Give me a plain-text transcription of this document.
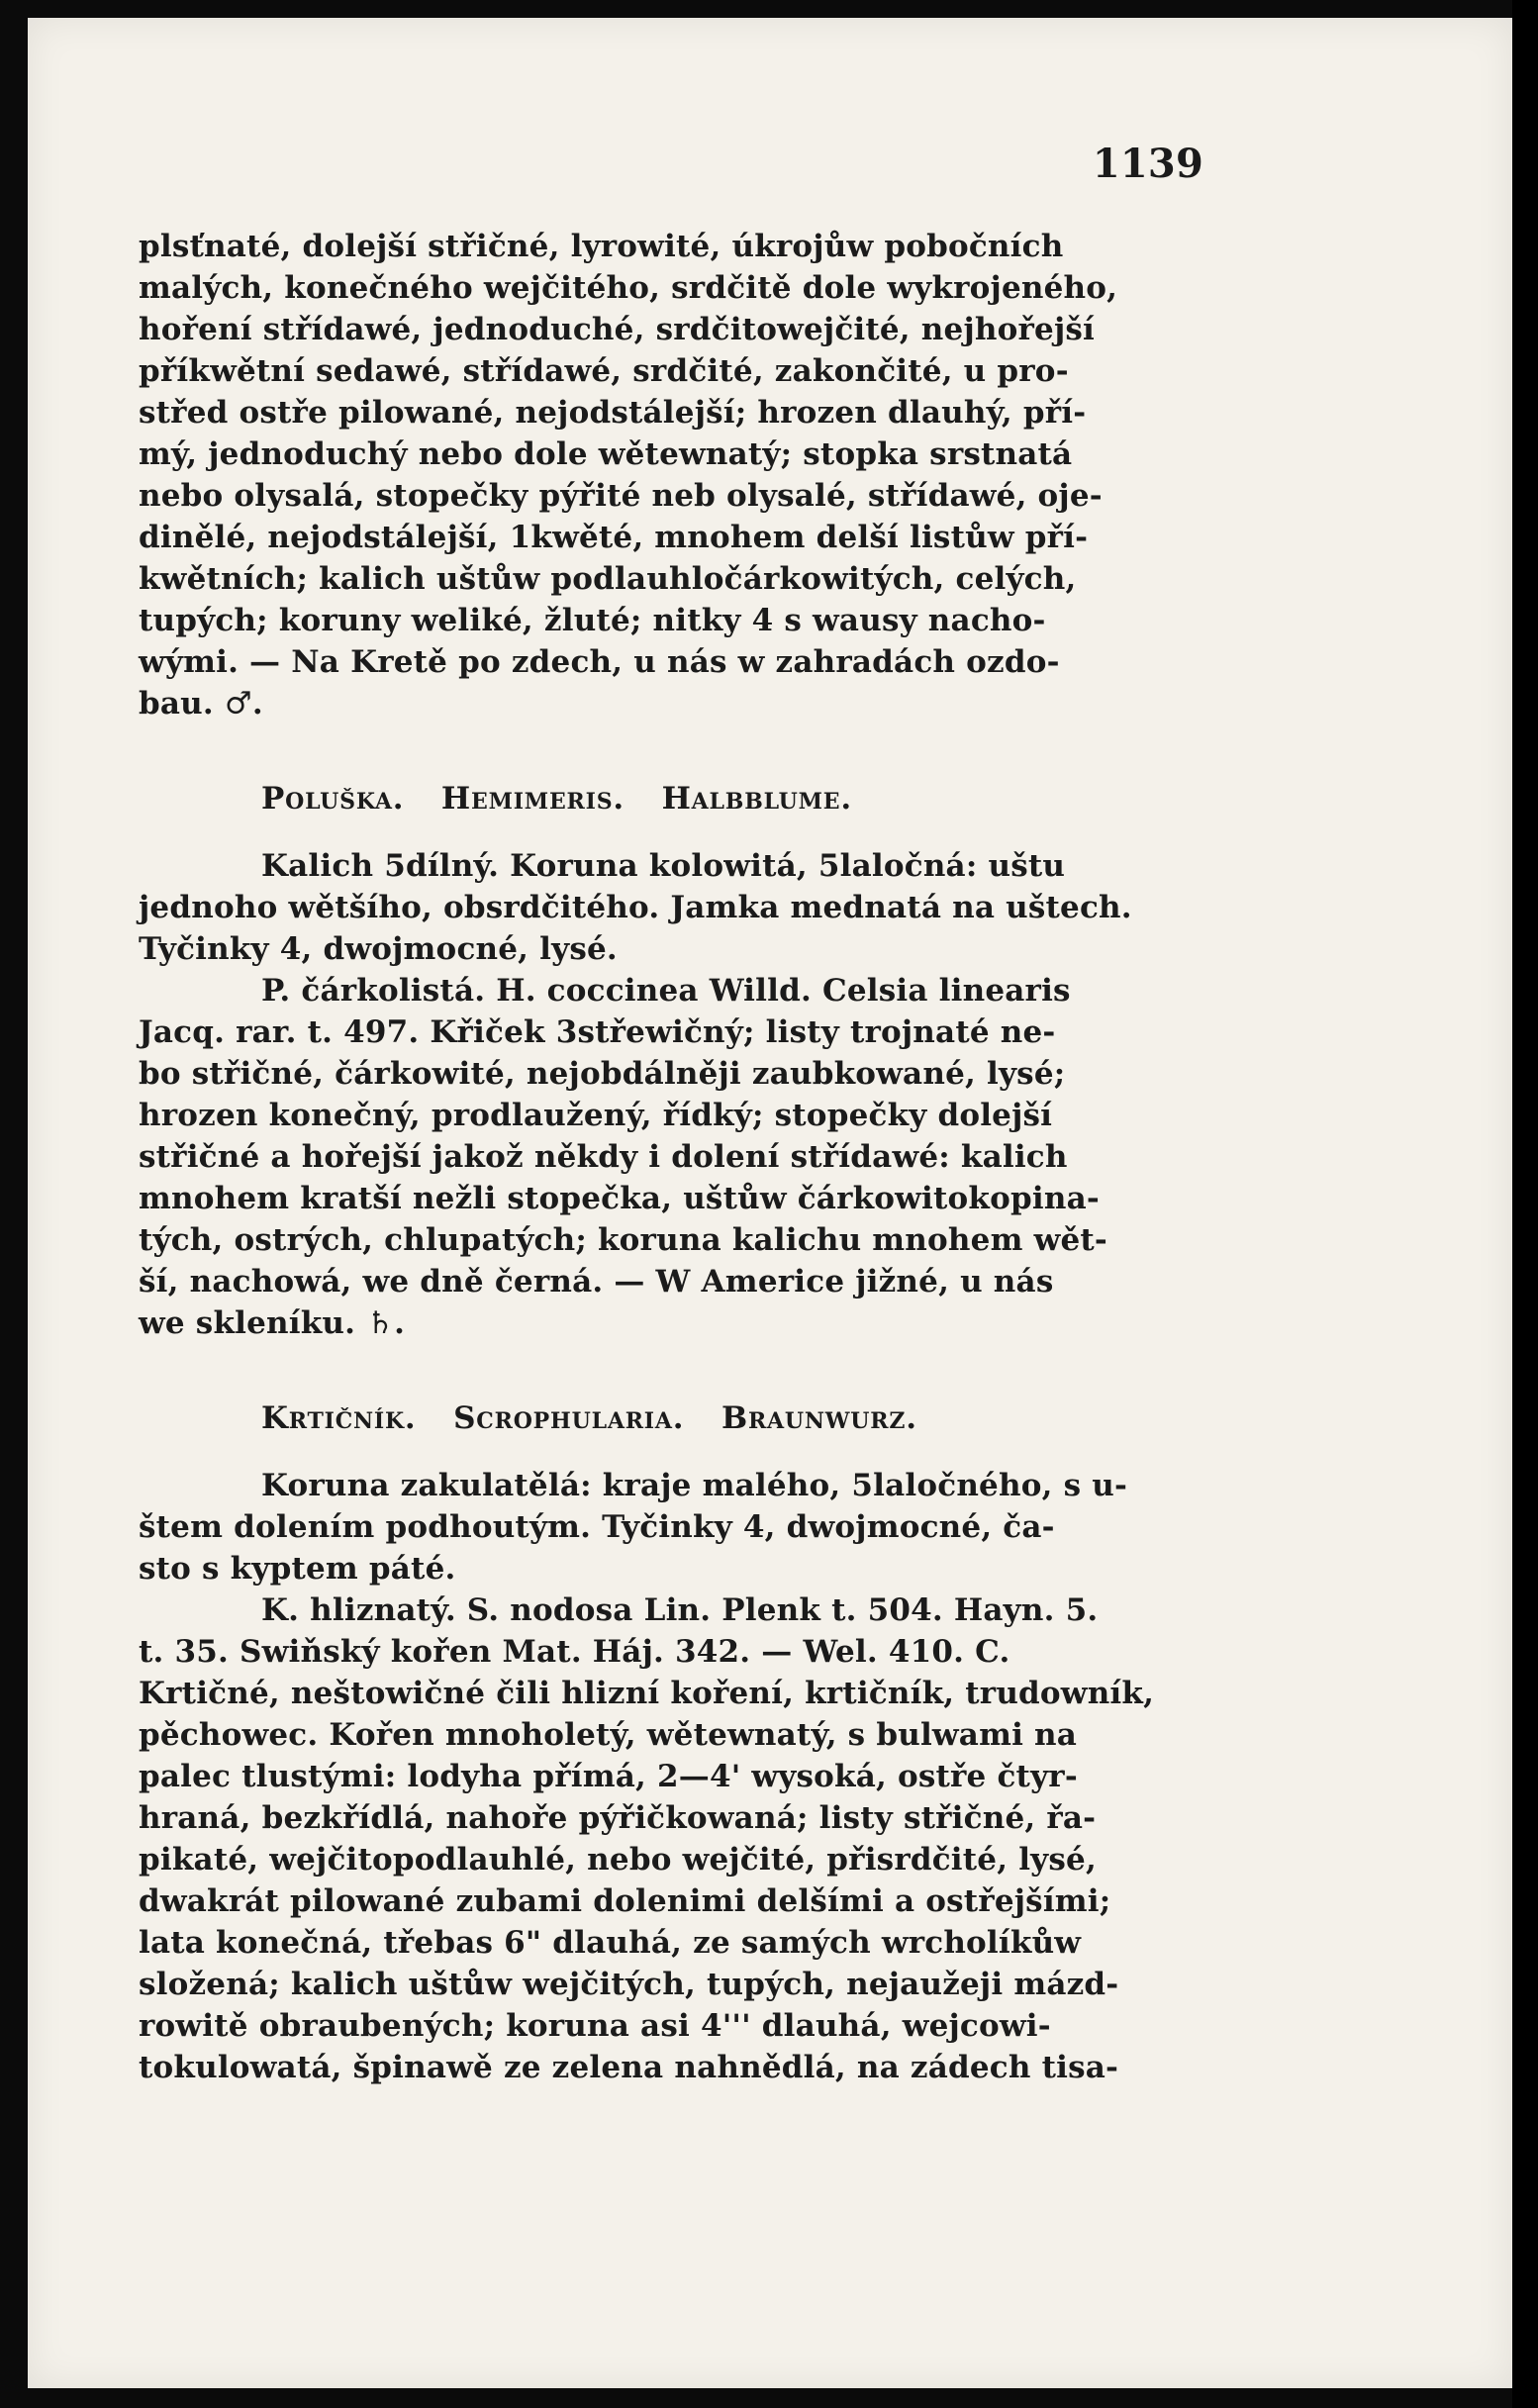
1139
plsťnaté, dolejší střičné, lyrowité, úkrojůw pobočních
malých, konečného wejčitého, srdčitě dole wykrojeného,
hoření střídawé, jednoduché, srdčitowejčité, nejhořejší
příkwětní sedawé, střídawé, srdčité, zakončité, u pro-
střed ostře pilowané, nejodstálejší; hrozen dlauhý, pří-
mý, jednoduchý nebo dole wětewnatý; stopka srstnatá
nebo olysalá, stopečky pýřité neb olysalé, střídawé, oje-
dinělé, nejodstálejší, 1kwěté, mnohem delší listůw pří-
kwětních; kalich uštůw podlauhločárkowitých, celých,
tupých; koruny weliké, žluté; nitky 4 s wausy nacho-
wými. — Na Kretě po zdech, u nás w zahradách ozdo-
bau. ♂.
Poluška. Hemimeris. Halbblume.
Kalich 5dílný. Koruna kolowitá, 5laločná: uštu
jednoho wětšího, obsrdčitého. Jamka mednatá na uštech.
Tyčinky 4, dwojmocné, lysé.
P. čárkolistá. H. coccinea Willd. Celsia linearis
Jacq. rar. t. 497. Křiček 3střewičný; listy trojnaté ne-
bo střičné, čárkowité, nejobdálněji zaubkowané, lysé;
hrozen konečný, prodlaužený, řídký; stopečky dolejší
střičné a hořejší jakož někdy i dolení střídawé: kalich
mnohem kratší nežli stopečka, uštůw čárkowitokopina-
tých, ostrých, chlupatých; koruna kalichu mnohem wět-
ší, nachowá, we dně černá. — W Americe jižné, u nás
we skleníku. ♄.
Krtičník. Scrophularia. Braunwurz.
Koruna zakulatělá: kraje malého, 5laločného, s u-
štem dolením podhoutým. Tyčinky 4, dwojmocné, ča-
sto s kyptem páté.
K. hliznatý. S. nodosa Lin. Plenk t. 504. Hayn. 5.
t. 35. Swiňský kořen Mat. Háj. 342. — Wel. 410. C.
Krtičné, neštowičné čili hlizní koření, krtičník, trudowník,
pěchowec. Kořen mnoholetý, wětewnatý, s bulwami na
palec tlustými: lodyha přímá, 2—4' wysoká, ostře čtyr-
hraná, bezkřídlá, nahoře pýřičkowaná; listy střičné, řa-
pikaté, wejčitopodlauhlé, nebo wejčité, přisrdčité, lysé,
dwakrát pilowané zubami dolenimi delšími a ostřejšími;
lata konečná, třebas 6" dlauhá, ze samých wrcholíkůw
složená; kalich uštůw wejčitých, tupých, nejaužeji mázd-
rowitě obraubených; koruna asi 4''' dlauhá, wejcowi-
tokulowatá, špinawě ze zelena nahnědlá, na zádech tisa-
